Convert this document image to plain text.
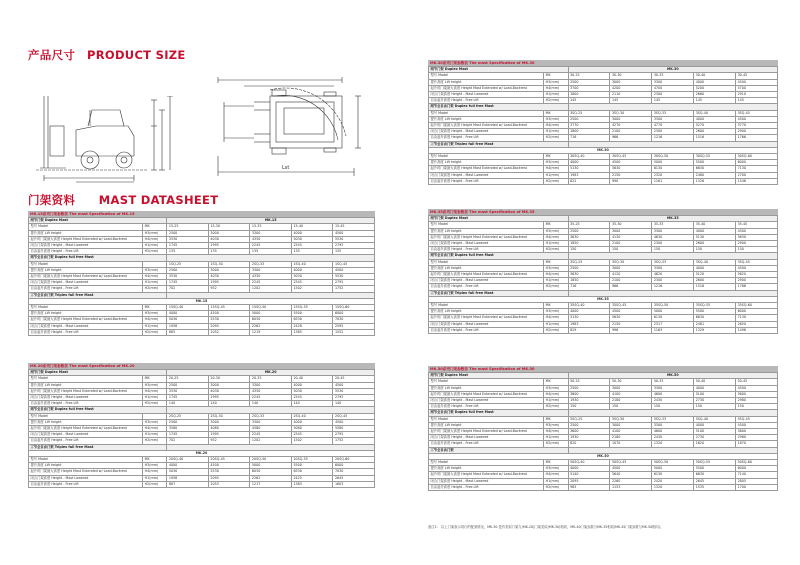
产品尺寸　PRODUCT SIZE
门架资料　　MAST DATASHEET
Lst
MK.15系列门架参数表 The mast Specification of MK.15
两节门架 Duplex Mast		MK.15				
型号 Model	MK	15-25	15-30	15-33	15-40	15-45
提升高度 Lift height	H3(mm)	2500	3000	3300	4000	4500
起升时门架最大高度 Height Mast Extended w/ Load-Backrest	H4(mm)	3530	4030	4330	5030	5530
闭合门架高度 Height - Mast Lowered	H1(mm)	1745	1995	2245	2545	2795
自由起升高度 Height - Free Lift	H2(mm)	135	135	135	135	135
两节全自由门架 Duplex full free Mast						
型号 Model		1SQ-25	1SQ-30	2SQ-33	1SQ-40	1SQ-45
提升高度 Lift height	H3(mm)	2500	3000	3300	4000	4500
起升时门架最大高度 Height Mast Extended w/ Load-Backrest	H4(mm)	3530	4030	4330	5030	5530
闭合门架高度 Height - Mast Lowered	H1(mm)	1745	1995	2245	2545	2795
自由起升高度 Height - Free Lift	H2(mm)	702	952	1202	1502	1752
三节全自由门架 Triplex full free Mast						
MK.15						
型号 Model	MK	15SQ-40	15SQ-45	15SQ-50	15SQ-55	15SQ-60
提升高度 Lift height	H3(mm)	4000	4500	5000	5500	6000
起升时门架最大高度 Height Mast Extended w/ Load-Backrest	H4(mm)	5030	5530	6030	6530	7030
闭合门架高度 Height - Mast Lowered	H1(mm)	1958	2095	2262	2428	2595
自由起升高度 Height - Free Lift	H2(mm)	885	1052	1219	1385	1552
MK.20系列门架参数表 The mast Specification of MK.20
两节门架 Duplex Mast		MK.20				
型号 Model	MK	20-25	20-30	20-33	20-40	20-45
提升高度 Lift height	H3(mm)	2500	3000	3300	4000	4500
起升时门架最大高度 Height Mast Extended w/ Load-Backrest	H4(mm)	3530	4030	4330	5030	5530
闭合门架高度 Height - Mast Lowered	H1(mm)	1745	1995	2245	2545	2795
自由起升高度 Height - Free Lift	H2(mm)	140	140	140	140	140
两节全自由门架 Duplex full free Mast						
型号 Model		2SQ-25	2SQ-30	2SQ-33	2SQ-40	2SQ-45
提升高度 Lift height	H3(mm)	2500	3000	3300	4000	4500
起升时门架最大高度 Height Mast Extended w/ Load-Backrest	H4(mm)	3580	4080	4580	5080	5580
闭合门架高度 Height - Mast Lowered	H1(mm)	1745	1995	2245	2545	2795
自由起升高度 Height - Free Lift	H2(mm)	702	952	1202	1502	1752
三节全自由门架 Triplex full free Mast						
MK.20						
型号 Model	MK	20SQ-40	20SQ-45	20SQ-50	20SQ-55	20SQ-60
提升高度 Lift height	H3(mm)	4000	4500	5000	5500	6000
起升时门架最大高度 Height Mast Extended w/ Load-Backrest	H4(mm)	5030	5530	6030	6530	7030
闭合门架高度 Height - Mast Lowered	H1(mm)	1958	2095	2262	2425	2645
自由起升高度 Height - Free Lift	H2(mm)	887	1053	1217	1383	1603
MK.30系列门架参数表 The mast Specification of MK.30
两节门架 Duplex Mast		MK.30				
型号 Model	MK	30-25	30-30	30-33	30-40	30-45
提升高度 Lift height	H3(mm)	2500	3000	3300	4000	4500
起升时门架最大高度 Height Mast Extended w/ Load-Backrest	H4(mm)	3700	4200	4700	5200	5700
闭合门架高度 Height - Mast Lowered	H1(mm)	1800	2110	2300	2660	2910
自由起升高度 Height - Free Lift	H2(mm)	145	145	145	145	145
两节全自由门架 Duplex full free Mast						
型号 Model	MK	3SQ-25	3SQ-30	3SQ-33	3SQ-40	3SQ-45
提升高度 Lift height	H3(mm)	2500	3000	3300	4000	4500
起升时门架最大高度 Height Mast Extended w/ Load-Backrest	H4(mm)	3770	4270	4770	5270	5770
闭合门架高度 Height - Mast Lowered	H1(mm)	1800	2100	2300	2600	2900
自由起升高度 Height - Free Lift	H2(mm)	716	966	1216	1516	1766
三节全自由门架 Triplex full free Mast						
MK.30						
型号 Model	MK	30SQ-40	30SQ-45	30SQ-50	30SQ-55	30SQ-60
提升高度 Lift height	H3(mm)	4000	4500	5000	5500	6000
起升时门架最大高度 Height Mast Extended w/ Load-Backrest	H4(mm)	5130	5630	6130	6630	7130
闭合门架高度 Height - Mast Lowered	H1(mm)	1983	2150	2320	2480	2700
自由起升高度 Height - Free Lift	H2(mm)	822	990	1161	1326	1546
MK.35系列门架参数表 The mast Specification of MK.35
两节门架 Duplex Mast		MK.35				
型号 Model	MK	35-25	35-30	35-33	35-40	35-45
提升高度 Lift height	H3(mm)	2500	3000	3300	4000	4500
起升时门架最大高度 Height Mast Extended w/ Load-Backrest	H4(mm)	3630	4130	4630	5130	5630
闭合门架高度 Height - Mast Lowered	H1(mm)	1850	2100	2300	2600	2900
自由起升高度 Height - Free Lift	H2(mm)	150	150	150	150	150
两节全自由门架 Duplex full free Mast						
型号 Model	MK	3SQ-25	3SQ-30	3SQ-33	3SQ-40	3SQ-45
提升高度 Lift height	H3(mm)	2500	3000	3300	4000	4500
起升时门架最大高度 Height Mast Extended w/ Load-Backrest	H4(mm)	3630	4120	4620	5120	5620
闭合门架高度 Height - Mast Lowered	H1(mm)	1850	2100	2300	2600	2900
自由起升高度 Height - Free Lift	H2(mm)	716	966	1216	1516	1766
三节全自由门架 Triplex full free Mast						
MK.35						
型号 Model	MK	35SQ-40	35SQ-45	35SQ-50	35SQ-55	35SQ-60
提升高度 Lift height	H3(mm)	4000	4500	5000	5500	6000
起升时门架最大高度 Height Mast Extended w/ Load-Backrest	H4(mm)	5130	5630	6130	6630	7130
闭合门架高度 Height - Mast Lowered	H1(mm)	1983	2150	2317	2481	2650
自由起升高度 Height - Free Lift	H2(mm)	829	996	1163	1329	1496
MK.50系列门架参数表 The mast Specification of MK.50
两节门架 Duplex Mast		MK.50				
型号 Model	MK	50-25	50-30	50-33	50-40	50-45
提升高度 Lift height	H3(mm)	2500	3000	3300	4000	4500
起升时门架最大高度 Height Mast Extended w/ Load-Backrest	H4(mm)	3600	4100	4600	5100	5600
闭合门架高度 Height - Mast Lowered	H1(mm)	1930	2180	2430	2730	2980
自由起升高度 Height - Free Lift	H2(mm)	150	150	150	150	150
两节全自由门架 Duplex full free Mast						
型号 Model	MK	5SQ-25	5SQ-30	5SQ-33	5SQ-40	5SQ-45
提升高度 Lift height	H3(mm)	2500	3000	3300	4000	4500
起升时门架最大高度 Height Mast Extended w/ Load-Backrest	H4(mm)	3600	4100	4600	5100	5600
闭合门架高度 Height - Mast Lowered	H1(mm)	1930	2180	2430	2730	2980
自由起升高度 Height - Free Lift	H2(mm)	820	1070	1320	1620	1870
三节全自由门架						
MK.50						
型号 Model	MK	50SQ-40	50SQ-45	50SQ-50	50SQ-55	50SQ-60
提升高度 Lift height	H3(mm)	4000	4500	5000	5500	6000
起升时门架最大高度 Height Mast Extended w/ Load-Backrest	H4(mm)	5140	5640	6130	6630	7140
闭合门架高度 Height - Mast Lowered	H1(mm)	2095	2260	2420	2645	2805
自由起升高度 Height - Free Lift	H2(mm)	985	1153	1320	1535	1700
备注1： 以上门架表示同行的配套情况，MK.30 是有类似门架与(MK.20)门架类似(MK.30)相同，MK.40门架参数与MK.35相同(MK.45门架参数与MK.50相同)。
